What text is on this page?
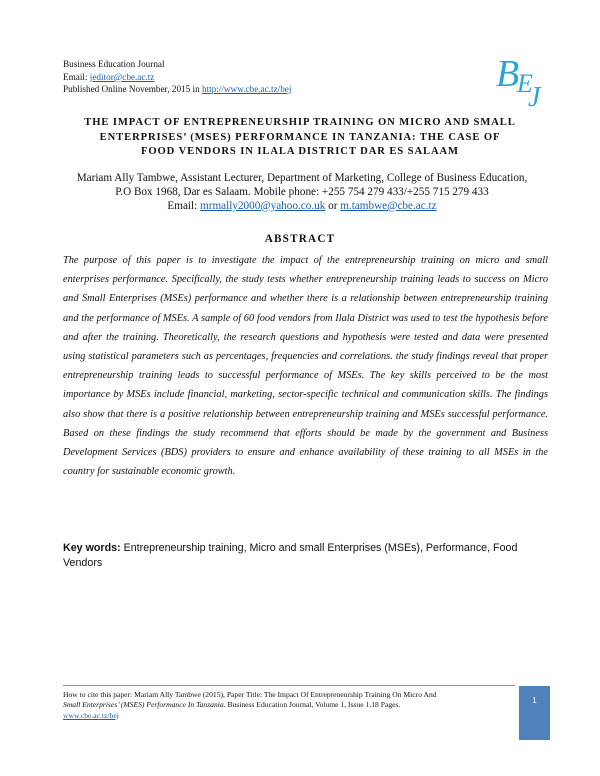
Business Education Journal
Email: jeditor@cbe.ac.tz
Published Online November, 2015 in http://www.cbe.ac.tz/bej	B
E
J
THE IMPACT OF ENTREPRENEURSHIP TRAINING ON MICRO AND SMALL
ENTERPRISES’ (MSES) PERFORMANCE IN TANZANIA: THE CASE OF
FOOD VENDORS IN ILALA DISTRICT DAR ES SALAAM
Mariam Ally Tambwe, Assistant Lecturer, Department of Marketing, College of Business Education,
P.O Box 1968, Dar es Salaam. Mobile phone: +255 754 279 433/+255 715 279 433
Email: mrmally2000@yahoo.co.uk or m.tambwe@cbe.ac.tz
ABSTRACT

The purpose of this paper is to investigate the impact of the entrepreneurship training on micro and small enterprises performance. Specifically, the study tests whether entrepreneurship training leads to success on Micro and Small Enterprises (MSEs) performance and whether there is a relationship between entrepreneurship training and the performance of MSEs. A sample of 60 food vendors from Ilala District was used to test the hypothesis before and after the training. Theoretically, the research questions and hypothesis were tested and data were presented using statistical parameters such as percentages, frequencies and correlations. the study findings reveal that proper entrepreneurship training leads to successful performance of MSEs. The key skills perceived to be the most importance by MSEs include financial, marketing, sector-specific technical and communication skills. The findings also show that there is a positive relationship between entrepreneurship training and MSEs successful performance. Based on these findings the study recommend that efforts should be made by the government and Business Development Services (BDS) providers to ensure and enhance availability of these training to all MSEs in the country for sustainable economic growth.

Key words: Entrepreneurship training, Micro and small Enterprises (MSEs), Performance, Food Vendors

How to cite this paper: Mariam Ally Tambwe (2015), Paper Title: The Impact Of Entrepreneurship Training On Micro And
Small Enterprises’ (MSES) Performance In Tanzania. Business Education Journal, Volume 1, Issue 1,18 Pages.
www.cbe.ac.tz/bej
1
